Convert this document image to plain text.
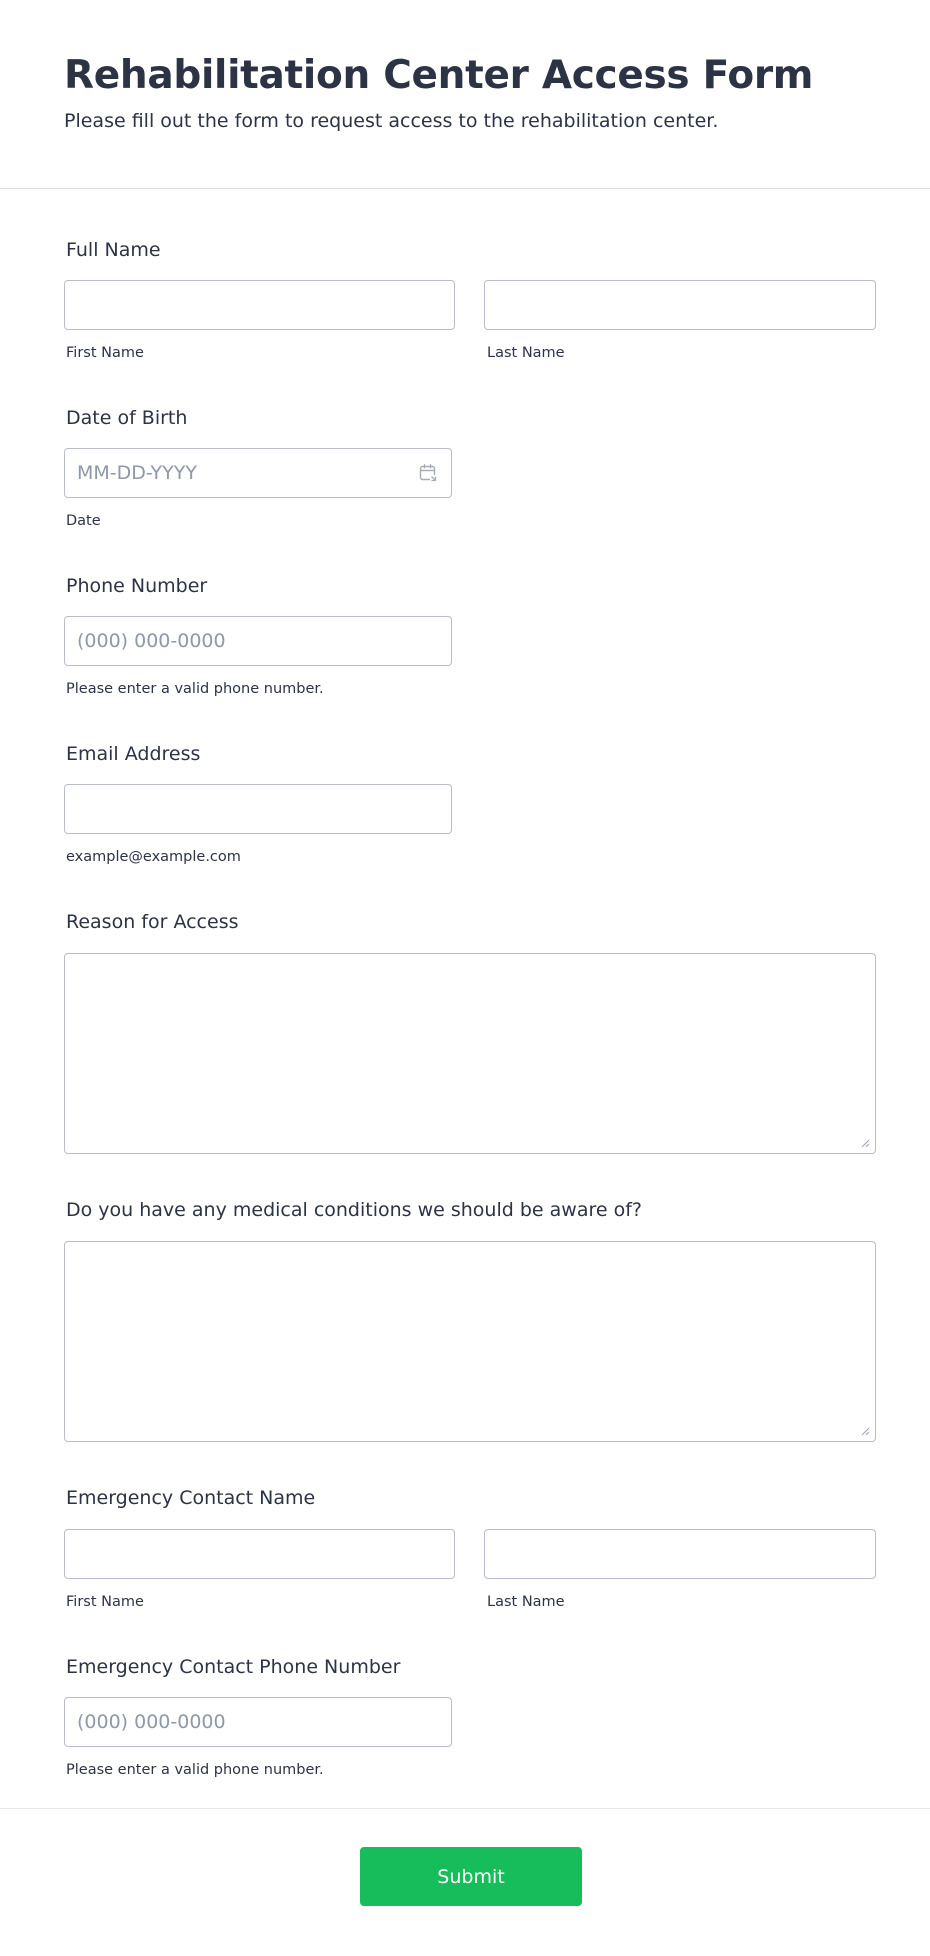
Rehabilitation Center Access Form

Please fill out the form to request access to the rehabilitation center.

Full Name
First Name	Last Name
Date of Birth
MM-DD-YYYY
Date
Phone Number
(000) 000-0000
Please enter a valid phone number.
Email Address
example@example.com
Reason for Access
Do you have any medical conditions we should be aware of?
Emergency Contact Name
First Name	Last Name
Emergency Contact Phone Number
(000) 000-0000
Please enter a valid phone number.
Submit
